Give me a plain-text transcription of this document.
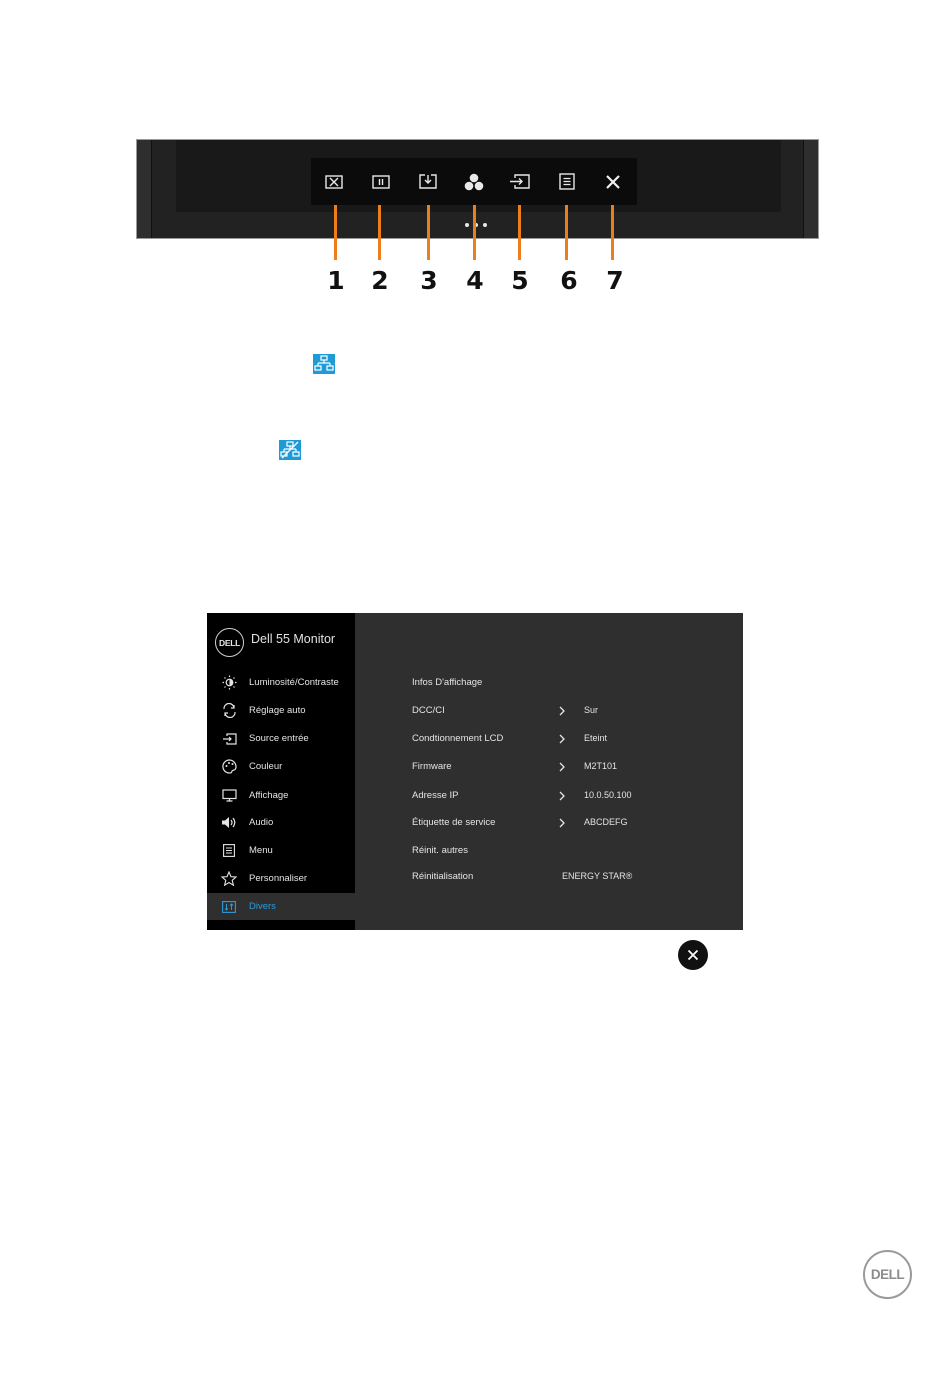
1 2 3 4 5 6 7
DELL Dell 55 Monitor
Luminosité/Contraste
Réglage auto
Source entrée
Couleur
Affichage
Audio
Menu
Personnaliser
Divers
Infos D'affichage
DCC/CI	Sur
Condtionnement LCD	Eteint
Firmware	M2T101
Adresse IP	10.0.50.100
Étiquette de service	ABCDEFG
Réinit. autres
Réinitialisation	ENERGY STAR®
DELL
